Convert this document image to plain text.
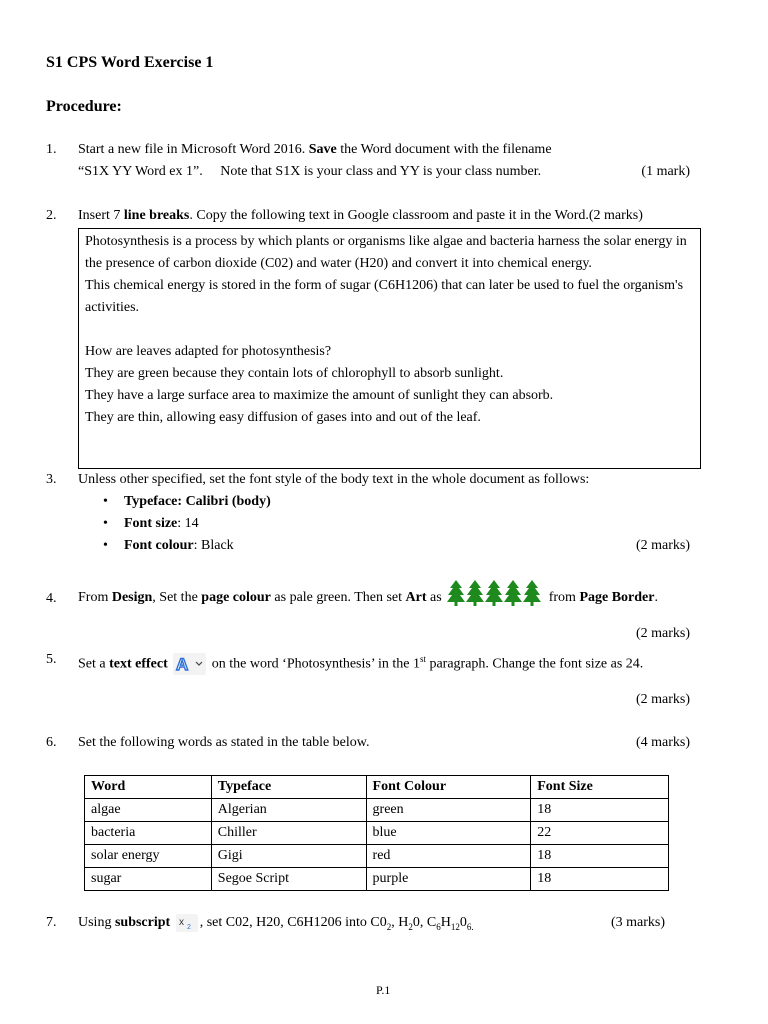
S1 CPS Word Exercise 1
Procedure:
1. Start a new file in Microsoft Word 2016. Save the Word document with the filename
“S1X YY Word ex 1”.     Note that S1X is your class and YY is your class number.	(1 mark)
2. Insert 7 line breaks. Copy the following text in Google classroom and paste it in the Word.(2 marks)
Photosynthesis is a process by which plants or organisms like algae and bacteria harness the solar energy in the presence of carbon dioxide (C02) and water (H20) and convert it into chemical energy.
This chemical energy is stored in the form of sugar (C6H1206) that can later be used to fuel the organism's activities.
How are leaves adapted for photosynthesis?
They are green because they contain lots of chlorophyll to absorb sunlight.
They have a large surface area to maximize the amount of sunlight they can absorb.
They are thin, allowing easy diffusion of gases into and out of the leaf.
3. Unless other specified, set the font style of the body text in the whole document as follows:
• Typeface: Calibri (body)
• Font size: 14
• Font colour: Black	(2 marks)
4. From Design, Set the page colour as pale green. Then set Art as	from Page Border.
(2 marks)
5. Set a text effect A on the word ‘Photosynthesis’ in the 1st paragraph. Change the font size as 24.
(2 marks)
6. Set the following words as stated in the table below.	(4 marks)
Word	Typeface	Font Colour	Font Size
algae	Algerian	green	18
bacteria	Chiller	blue	22
solar energy	Gigi	red	18
sugar	Segoe Script	purple	18
7. Using subscript x 2 , set C02, H20, C6H1206 into $C0_2$, $H_20$, $C_6H_{12}0_{6.}$	(3 marks)
P.1
